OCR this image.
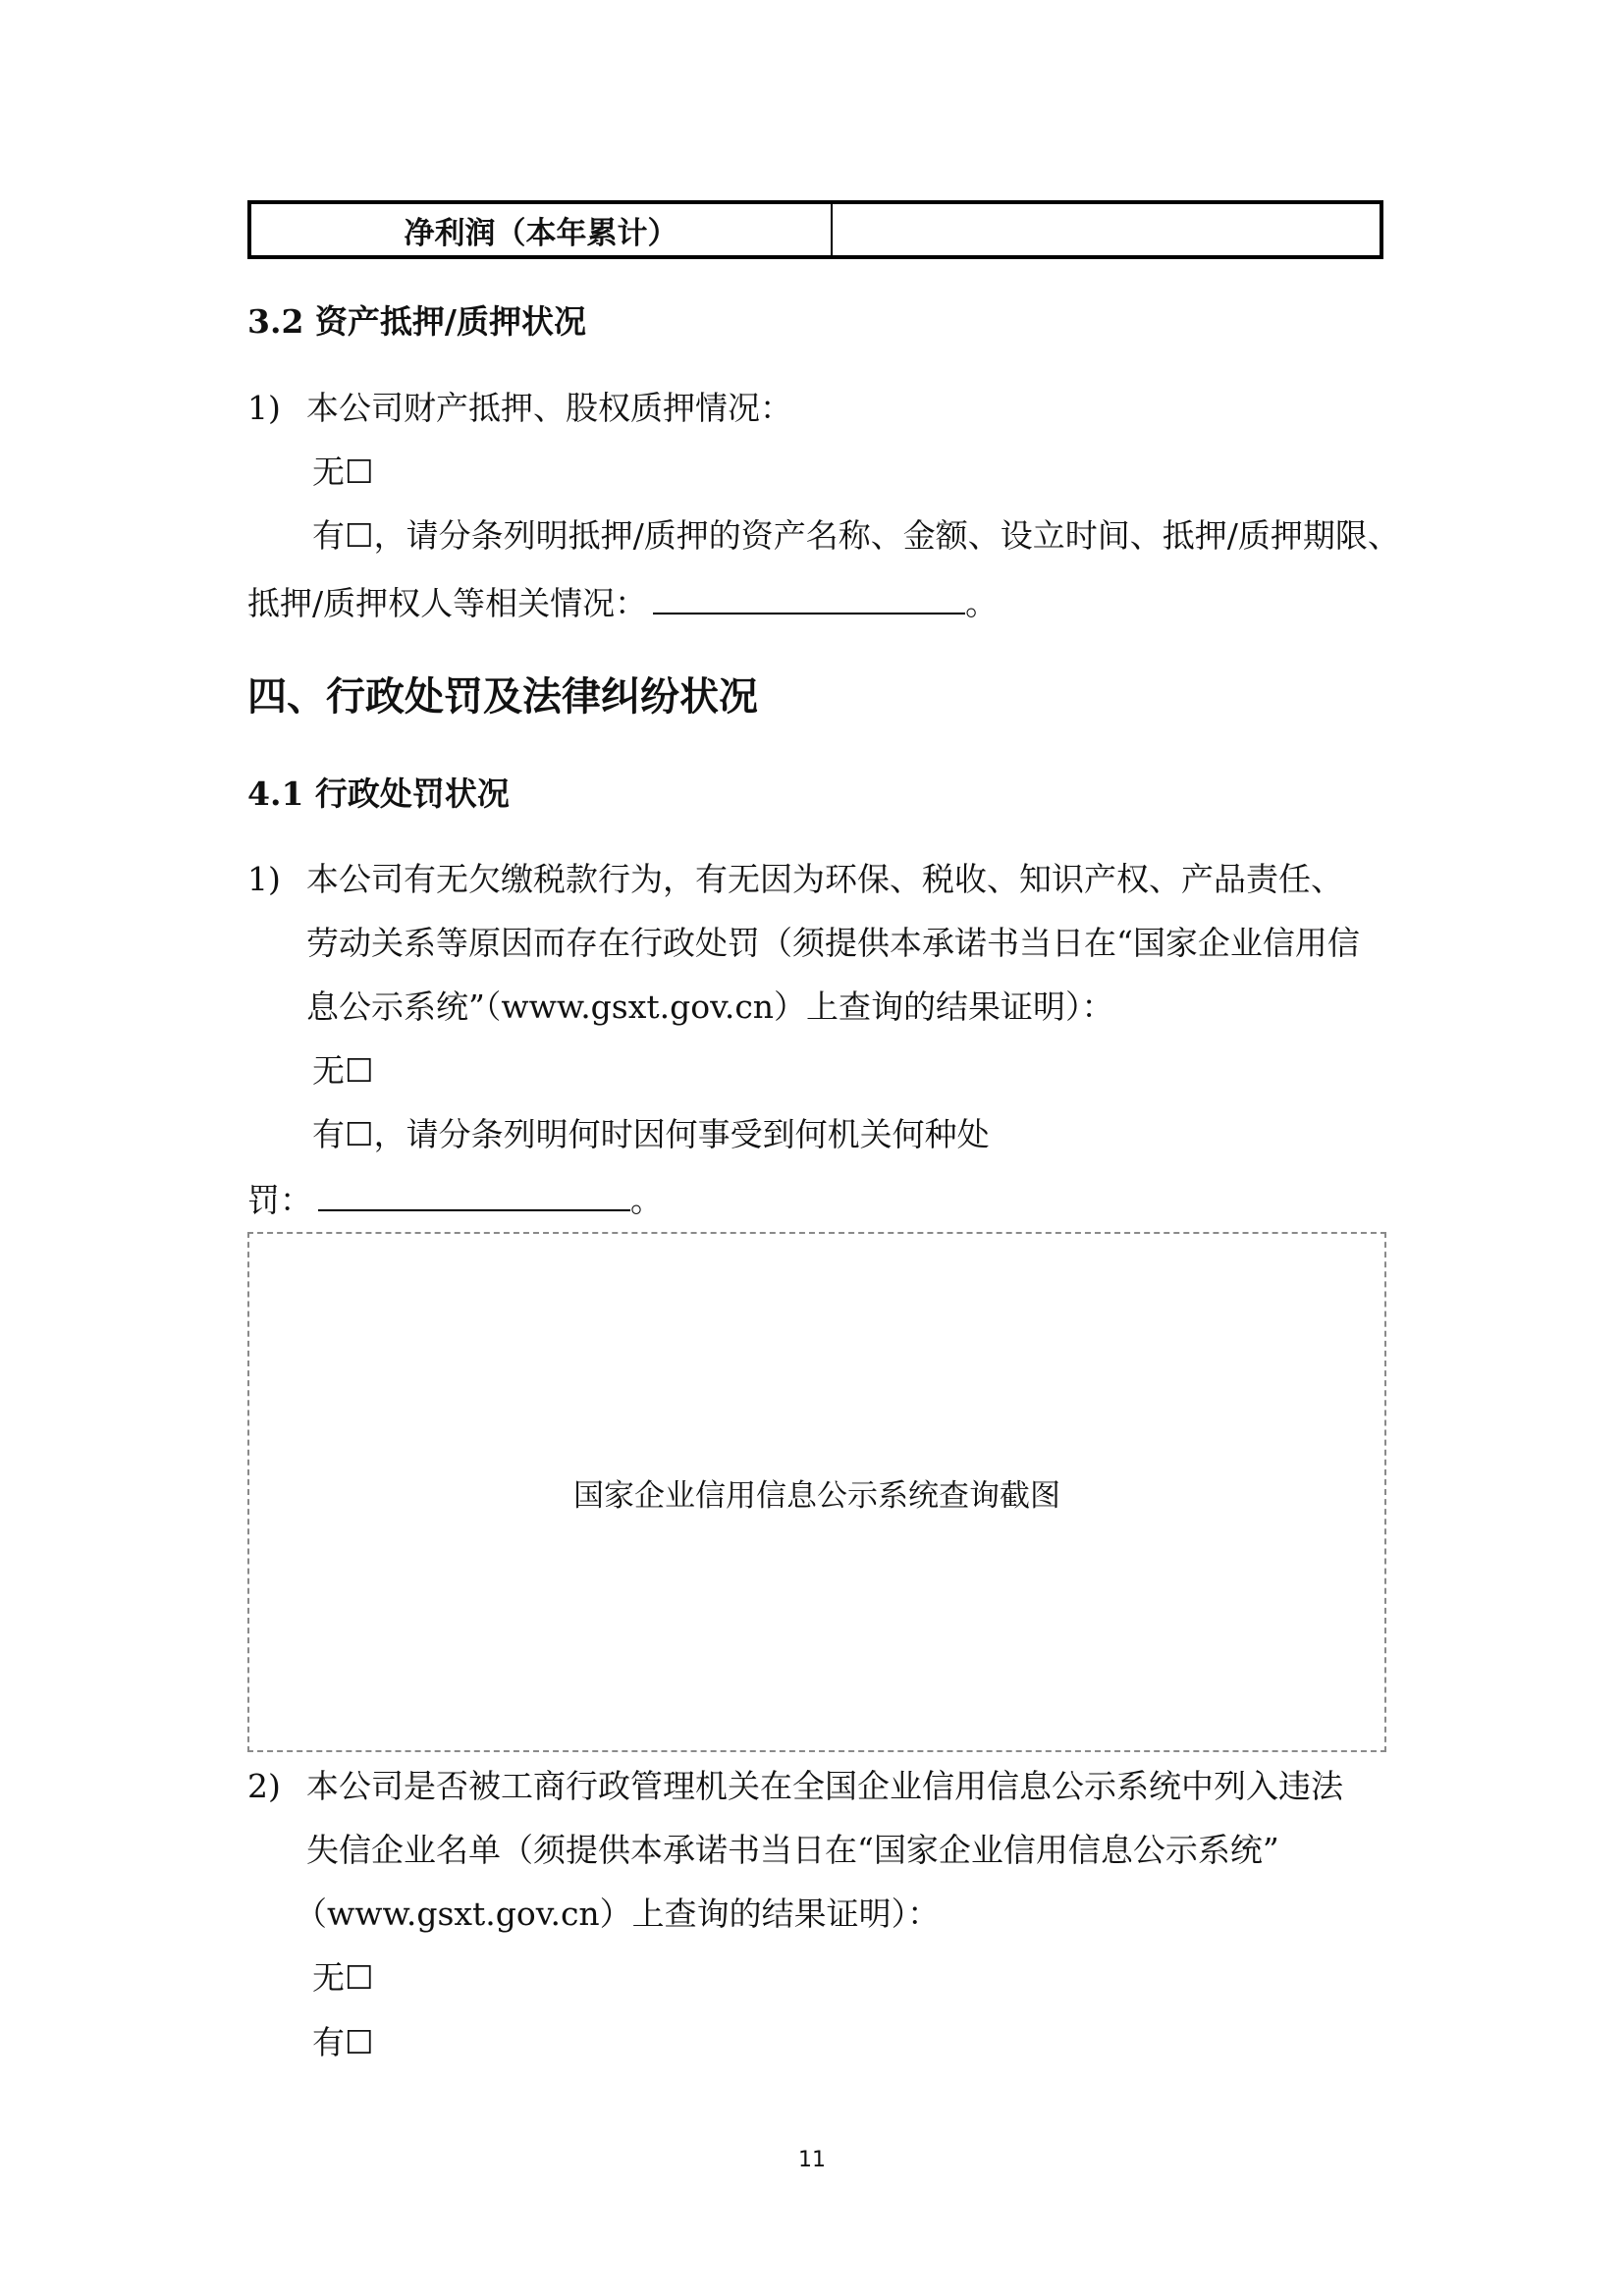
净利润（本年累计）
3.2 资产抵押/质押状况
1) 本公司财产抵押、股权质押情况：
无☐
有☐，请分条列明抵押/质押的资产名称、金额、设立时间、抵押/质押期限、
抵押/质押权人等相关情况：	。
四、行政处罚及法律纠纷状况
4.1 行政处罚状况
1) 本公司有无欠缴税款行为，有无因为环保、税收、知识产权、产品责任、
劳动关系等原因而存在行政处罚（须提供本承诺书当日在“国家企业信用信
息公示系统”（www.gsxt.gov.cn）上查询的结果证明）：
无☐
有☐，请分条列明何时因何事受到何机关何种处
罚：	。
国家企业信用信息公示系统查询截图
2) 本公司是否被工商行政管理机关在全国企业信用信息公示系统中列入违法
失信企业名单（须提供本承诺书当日在“国家企业信用信息公示系统”
（www.gsxt.gov.cn）上查询的结果证明）：
无☐
有☐
11
